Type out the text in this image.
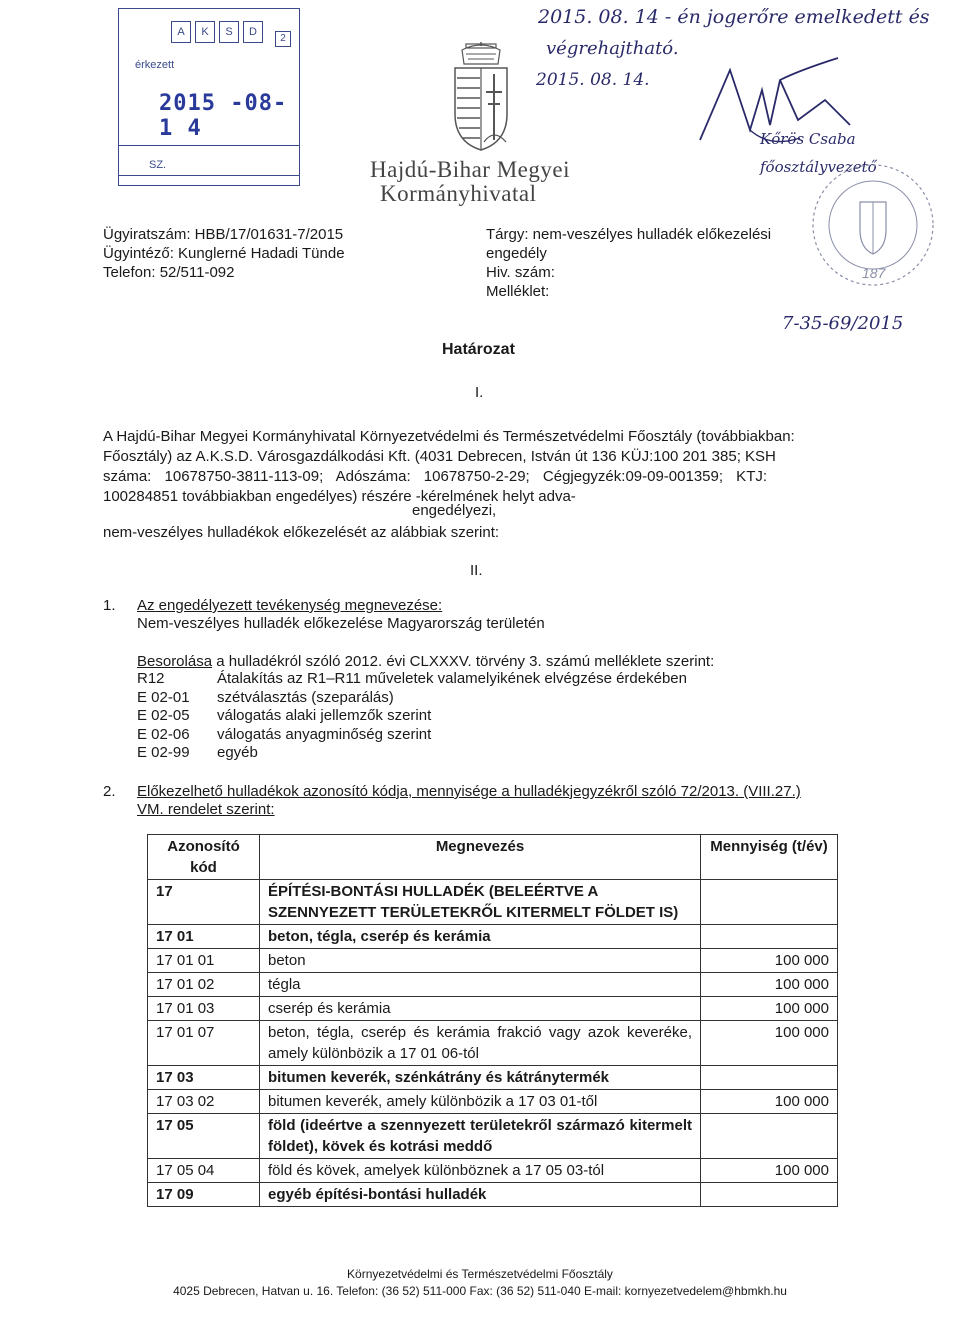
A	K	S	D
2
érkezett
2015 -08- 1 4
SZ.
2015. 08. 14 - én jogerőre emelkedett és
végrehajtható.
2015. 08. 14.
Kőrös Csaba
főosztályvezető
187
Hajdú-Bihar Megyei
Kormányhivatal
Ügyiratszám: HBB/17/01631-7/2015
Ügyintéző: Kunglerné Hadadi Tünde
Telefon: 52/511-092
Tárgy: nem-veszélyes hulladék előkezelési
engedély
Hiv. szám:
Melléklet:
7-35-69/2015
Határozat
I.
A Hajdú-Bihar Megyei Kormányhivatal Környezetvédelmi és Természetvédelmi Főosztály (továbbiakban:
Főosztály) az A.K.S.D. Városgazdálkodási Kft. (4031 Debrecen, István út 136 KÜJ:100 201 385; KSH
száma: 10678750-3811-113-09; Adószáma: 10678750-2-29; Cégjegyzék:09-09-001359; KTJ:
100284851 továbbiakban engedélyes) részére -kérelmének helyt adva-
engedélyezi,
nem-veszélyes hulladékok előkezelését az alábbiak szerint:
II.
1. Az engedélyezett tevékenység megnevezése:
Nem-veszélyes hulladék előkezelése Magyarország területén
Besorolása a hulladékról szóló 2012. évi CLXXXV. törvény 3. számú melléklete szerint:
R12	Átalakítás az R1–R11 műveletek valamelyikének elvégzése érdekében
E 02-01 szétválasztás (szeparálás)
E 02-05 válogatás alaki jellemzők szerint
E 02-06 válogatás anyagminőség szerint
E 02-99 egyéb
2. Előkezelhető hulladékok azonosító kódja, mennyisége a hulladékjegyzékről szóló 72/2013. (VIII.27.)
VM. rendelet szerint:
Azonosító kód	Megnevezés	Mennyiség (t/év)
17	ÉPÍTÉSI-BONTÁSI HULLADÉK (BELEÉRTVE A SZENNYEZETT TERÜLETEKRŐL KITERMELT FÖLDET IS)	
17 01	beton, tégla, cserép és kerámia	
17 01 01	beton	100 000
17 01 02	tégla	100 000
17 01 03	cserép és kerámia	100 000
17 01 07	beton, tégla, cserép és kerámia frakció vagy azok keveréke, amely különbözik a 17 01 06-tól	100 000
17 03	bitumen keverék, szénkátrány és kátránytermék	
17 03 02	bitumen keverék, amely különbözik a 17 03 01-től	100 000
17 05	föld (ideértve a szennyezett területekről származó kitermelt földet), kövek és kotrási meddő	
17 05 04	föld és kövek, amelyek különböznek a 17 05 03-tól	100 000
17 09	egyéb építési-bontási hulladék	
Környezetvédelmi és Természetvédelmi Főosztály
4025 Debrecen, Hatvan u. 16. Telefon: (36 52) 511-000 Fax: (36 52) 511-040 E-mail: kornyezetvedelem@hbmkh.hu
